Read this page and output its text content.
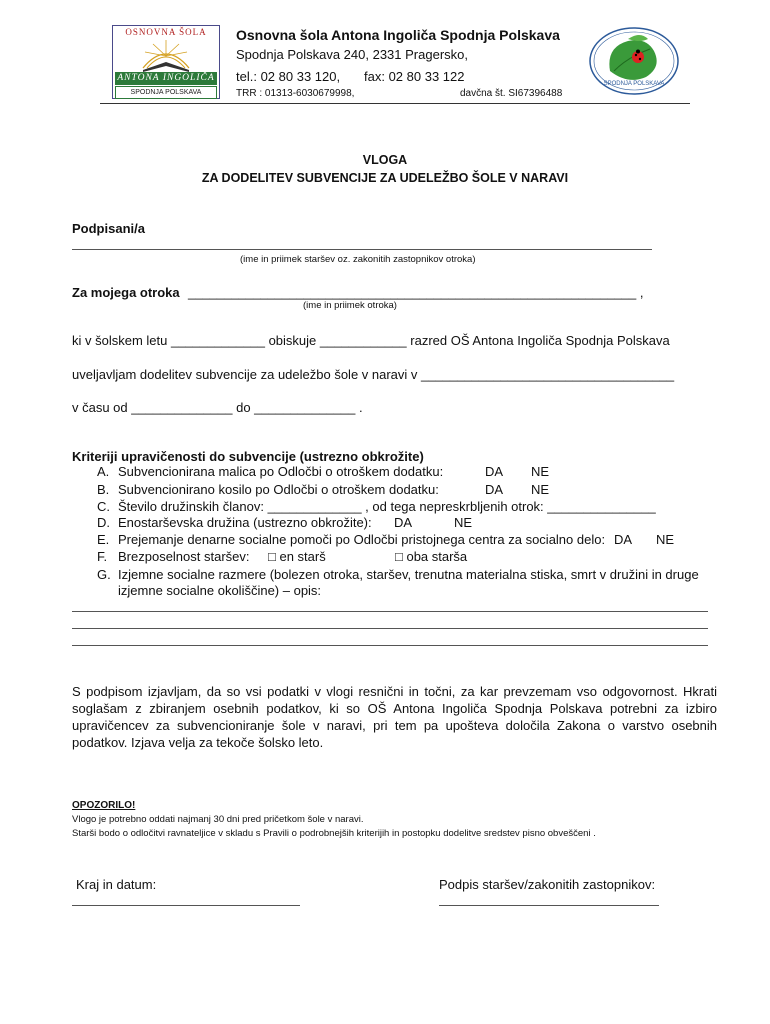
OSNOVNA ŠOLA
ANTONA INGOLIČA
SPODNJA POLSKAVA
Osnovna šola Antona Ingoliča Spodnja Polskava
Spodnja Polskava 240, 2331 Pragersko,
tel.: 02 80 33 120, fax: 02 80 33 122
TRR : 01313-6030679998,	davčna št. SI67396488
SPODNJA POLSKAVA
VLOGA
ZA DODELITEV SUBVENCIJE ZA UDELEŽBO ŠOLE V NARAVI
Podpisani/a
(ime in priimek staršev oz. zakonitih zastopnikov otroka)
Za mojega otroka ______________________________________________________________ ,
(ime in priimek otroka)
ki v šolskem letu _____________ obiskuje ____________ razred OŠ Antona Ingoliča Spodnja Polskava
uveljavljam dodelitev subvencije za udeležbo šole v naravi v ___________________________________
v času od ______________ do ______________ .
Kriteriji upravičenosti do subvencije (ustrezno obkrožite)
A. Subvencionirana malica po Odločbi o otroškem dodatku:	DA NE
B. Subvencionirano kosilo po Odločbi o otroškem dodatku:	DA NE
C. Število družinskih članov: _____________ , od tega nepreskrbljenih otrok: _______________
D. Enostarševska družina (ustrezno obkrožite): DA	NE
E. Prejemanje denarne socialne pomoči po Odločbi pristojnega centra za socialno delo: DA NE
F. Brezposelnost staršev: □ en starš	□ oba starša
G. Izjemne socialne razmere (bolezen otroka, staršev, trenutna materialna stiska, smrt v družini in druge
izjemne socialne okoliščine) – opis:
S podpisom izjavljam, da so vsi podatki v vlogi resnični in točni, za kar prevzemam vso odgovornost. Hkrati soglašam z zbiranjem osebnih podatkov, ki so OŠ Antona Ingoliča Spodnja Polskava potrebni za izbiro upravičencev za subvencioniranje šole v naravi, pri tem pa upošteva določila Zakona o varstvo osebnih podatkov. Izjava velja za tekoče šolsko leto.
OPOZORILO!
Vlogo je potrebno oddati najmanj 30 dni pred pričetkom šole v naravi.
Starši bodo o odločitvi ravnateljice v skladu s Pravili o podrobnejših kriterijih in postopku dodelitve sredstev pisno obveščeni .
Kraj in datum:	Podpis staršev/zakonitih zastopnikov:
